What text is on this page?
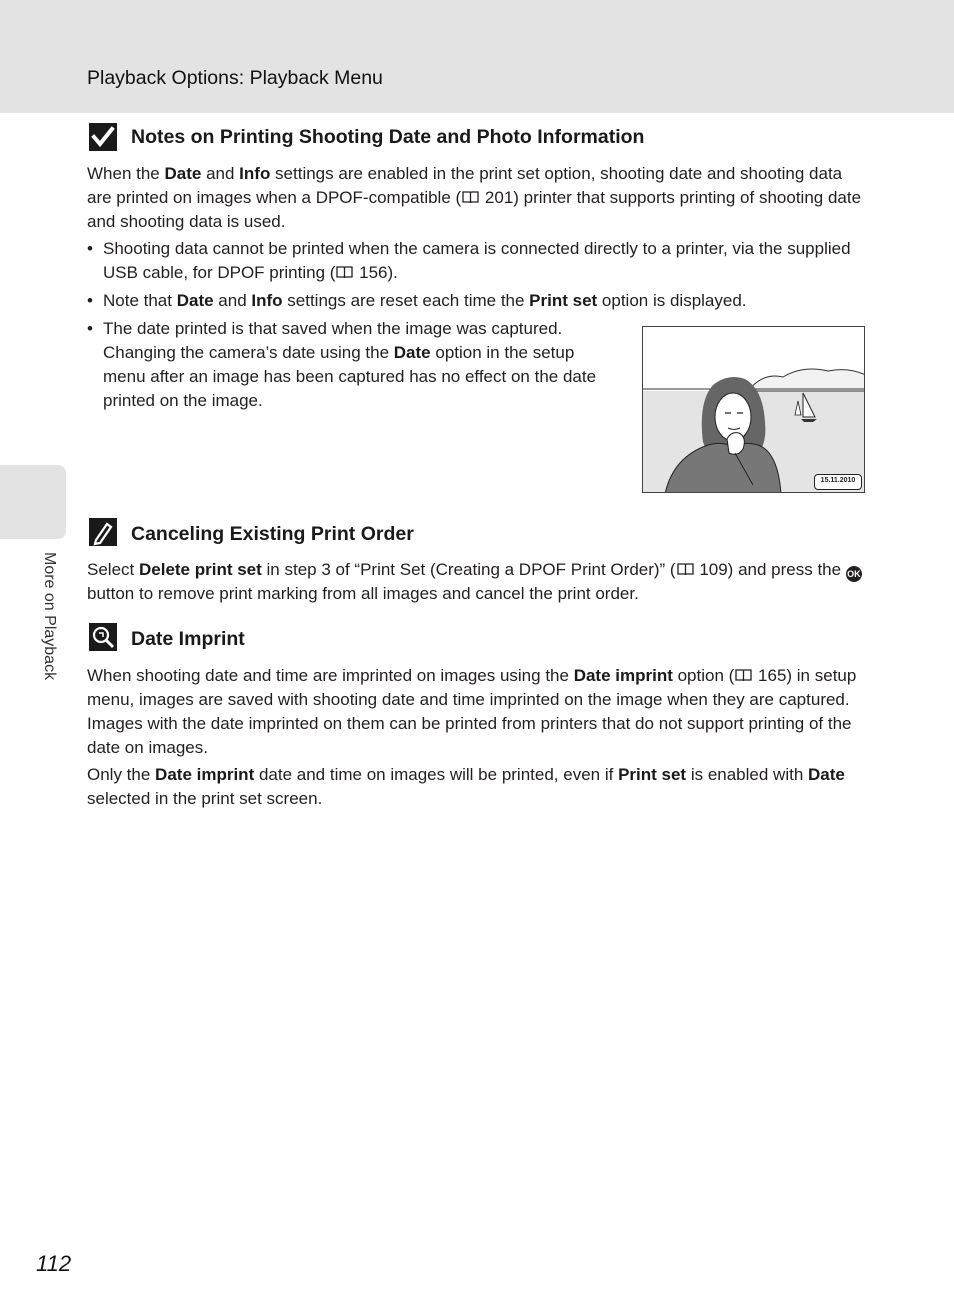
Playback Options: Playback Menu
More on Playback
Notes on Printing Shooting Date and Photo Information

When the Date and Info settings are enabled in the print set option, shooting date and shooting data are printed on images when a DPOF-compatible ( 201) printer that supports printing of shooting date and shooting data is used.

• Shooting data cannot be printed when the camera is connected directly to a printer, via the supplied USB cable, for DPOF printing ( 156).
• Note that Date and Info settings are reset each time the Print set option is displayed.
• The date printed is that saved when the image was captured. Changing the camera’s date using the Date option in the setup menu after an image has been captured has no effect on the date printed on the image.
15.11.2010
Canceling Existing Print Order

Select Delete print set in step 3 of “Print Set (Creating a DPOF Print Order)” ( 109) and press the OK button to remove print marking from all images and cancel the print order.

Date Imprint

When shooting date and time are imprinted on images using the Date imprint option ( 165) in setup menu, images are saved with shooting date and time imprinted on the image when they are captured. Images with the date imprinted on them can be printed from printers that do not support printing of the date on images.

Only the Date imprint date and time on images will be printed, even if Print set is enabled with Date selected in the print set screen.

112
